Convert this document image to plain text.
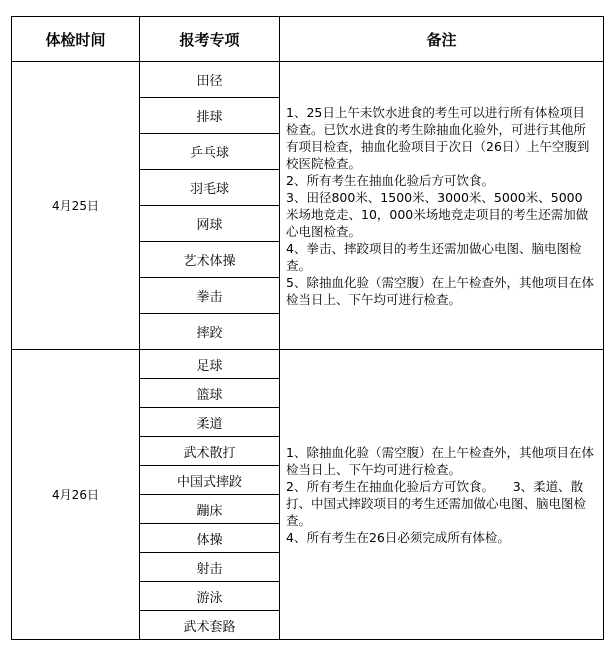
体检时间	报考专项	备注
4月25日	田径	1、25日上午未饮水进食的考生可以进行所有体检项目检查。已饮水进食的考生除抽血化验外，可进行其他所有项目检查，抽血化验项目于次日（26日）上午空腹到校医院检查。
2、所有考生在抽血化验后方可饮食。
3、田径800米、1500米、3000米、5000米、5000米场地竞走、10，000米场地竞走项目的考生还需加做心电图检查。
4、拳击、摔跤项目的考生还需加做心电图、脑电图检查。
5、除抽血化验（需空腹）在上午检查外，其他项目在体检当日上、下午均可进行检查。

	排球	
	乒乓球	
	羽毛球	
	网球	
	艺术体操	
	拳击	
	摔跤	
4月26日	足球	1、除抽血化验（需空腹）在上午检查外，其他项目在体检当日上、下午均可进行检查。
2、所有考生在抽血化验后方可饮食。　　3、柔道、散打、中国式摔跤项目的考生还需加做心电图、脑电图检查。
4、所有考生在26日必须完成所有体检。

	篮球	
	柔道	
	武术散打	
	中国式摔跤	
	蹦床	
	体操	
	射击	
	游泳	
	武术套路	
